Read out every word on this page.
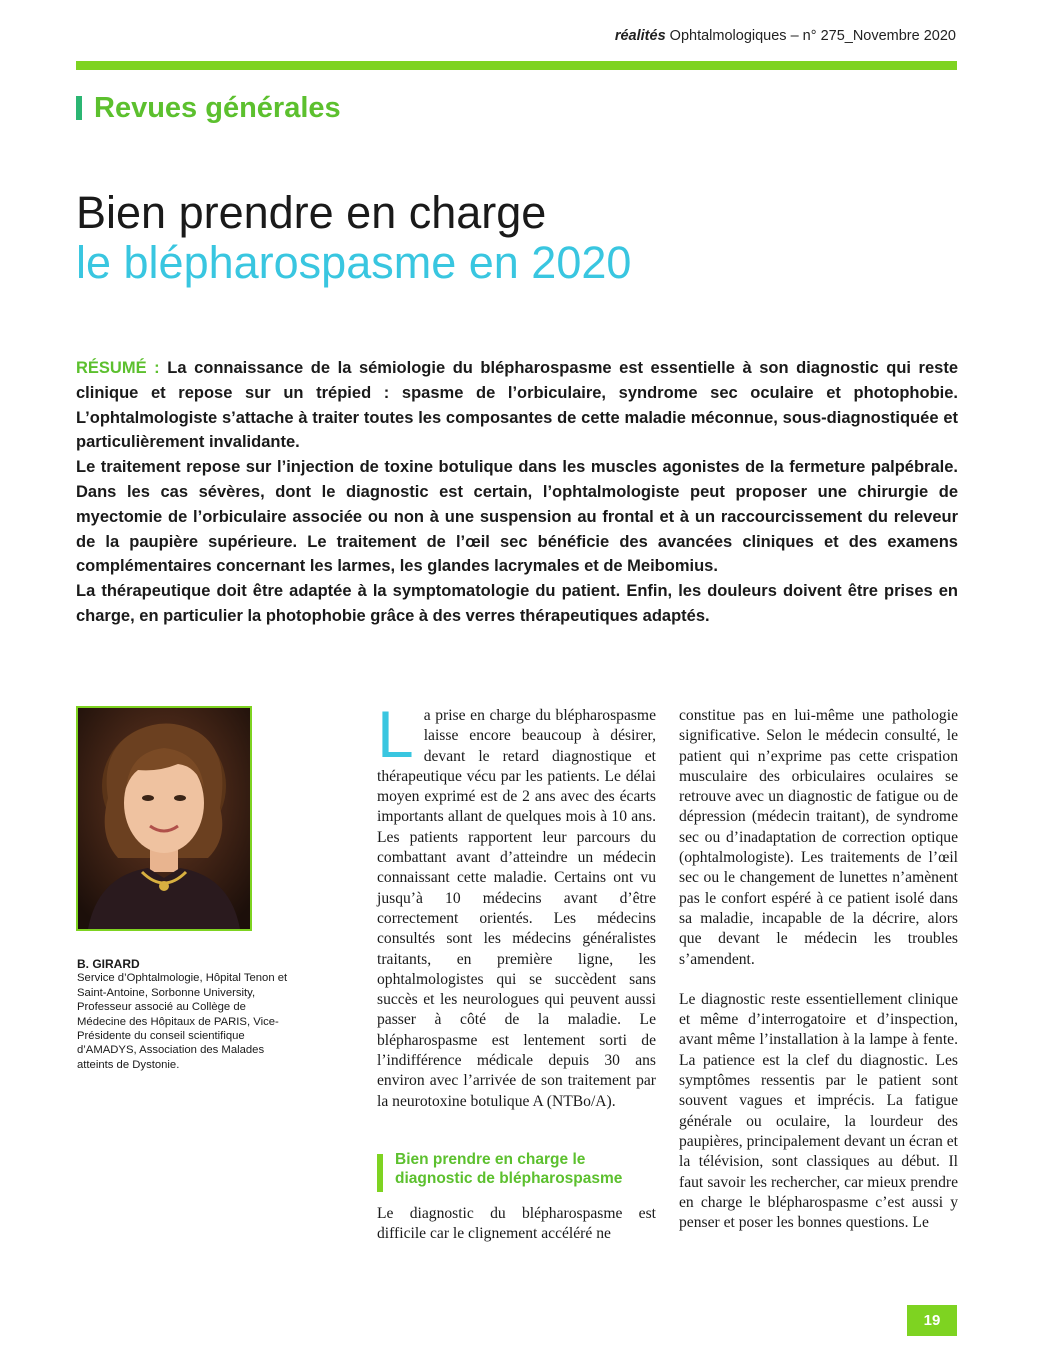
réalités Ophtalmologiques – n° 275_Novembre 2020
Revues générales
Bien prendre en charge
le blépharospasme en 2020

RÉSUMÉ : La connaissance de la sémiologie du blépharospasme est essentielle à son diagnostic qui reste clinique et repose sur un trépied : spasme de l’orbiculaire, syndrome sec oculaire et photophobie. L’ophtalmologiste s’attache à traiter toutes les composantes de cette maladie méconnue, sous-diagnostiquée et particulièrement invalidante.

Le traitement repose sur l’injection de toxine botulique dans les muscles agonistes de la fermeture palpébrale. Dans les cas sévères, dont le diagnostic est certain, l’ophtalmologiste peut proposer une chirurgie de myectomie de l’orbiculaire associée ou non à une suspension au frontal et à un raccourcissement du releveur de la paupière supérieure. Le traitement de l’œil sec bénéficie des avancées cliniques et des examens complémentaires concernant les larmes, les glandes lacrymales et de Meibomius.

La thérapeutique doit être adaptée à la symptomatologie du patient. Enfin, les douleurs doivent être prises en charge, en particulier la photophobie grâce à des verres thérapeutiques adaptés.

B. GIRARD
Service d’Ophtalmologie, Hôpital Tenon et Saint-Antoine, Sorbonne University, Professeur associé au Collège de Médecine des Hôpitaux de PARIS, Vice-Présidente du conseil scientifique d’AMADYS, Association des Malades atteints de Dystonie.

La prise en charge du blépharospasme laisse encore beaucoup à désirer, devant le retard diagnostique et thérapeutique vécu par les patients. Le délai moyen exprimé est de 2 ans avec des écarts importants allant de quelques mois à 10 ans. Les patients rapportent leur parcours du combattant avant d’atteindre un médecin connaissant cette maladie. Certains ont vu jusqu’à 10 médecins avant d’être correctement orientés. Les médecins consultés sont les médecins généralistes traitants, en première ligne, les ophtalmologistes qui se succèdent sans succès et les neurologues qui peuvent aussi passer à côté de la maladie. Le blépharospasme est lentement sorti de l’indifférence médicale depuis 30 ans environ avec l’arrivée de son traitement par la neurotoxine botulique A (NTBo/A).

Bien prendre en charge le diagnostic de blépharospasme

Le diagnostic du blépharospasme est difficile car le clignement accéléré ne

constitue pas en lui-même une pathologie significative. Selon le médecin consulté, le patient qui n’exprime pas cette crispation musculaire des orbiculaires oculaires se retrouve avec un diagnostic de fatigue ou de dépression (médecin traitant), de syndrome sec ou d’inadaptation de correction optique (ophtalmologiste). Les traitements de l’œil sec ou le changement de lunettes n’amènent pas le confort espéré à ce patient isolé dans sa maladie, incapable de la décrire, alors que devant le médecin les troubles s’amendent.

Le diagnostic reste essentiellement clinique et même d’interrogatoire et d’inspection, avant même l’installation à la lampe à fente. La patience est la clef du diagnostic. Les symptômes ressentis par le patient sont souvent vagues et imprécis. La fatigue générale ou oculaire, la lourdeur des paupières, principalement devant un écran et la télévision, sont classiques au début. Il faut savoir les rechercher, car mieux prendre en charge le blépharospasme c’est aussi y penser et poser les bonnes questions. Le

19
